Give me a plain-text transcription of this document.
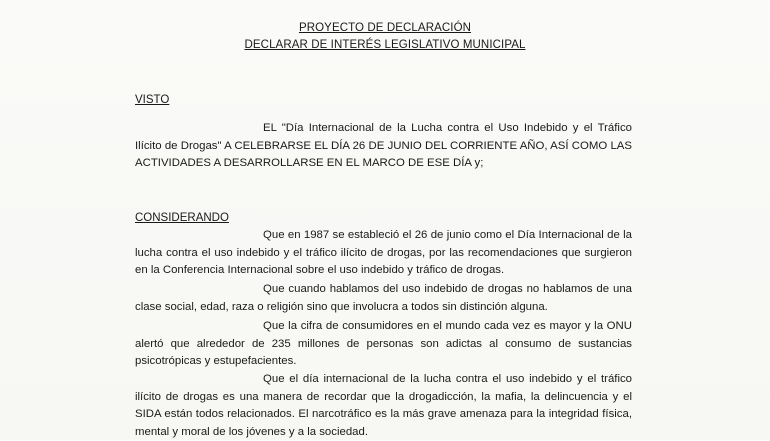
PROYECTO DE DECLARACIÓN
DECLARAR DE INTERÉS LEGISLATIVO MUNICIPAL
VISTO

EL "Día Internacional de la Lucha contra el Uso Indebido y el Tráfico Ilícito de Drogas" A CELEBRARSE EL DÍA 26 DE JUNIO DEL CORRIENTE AÑO, ASÍ COMO LAS ACTIVIDADES A DESARROLLARSE EN EL MARCO DE ESE DÍA y;

CONSIDERANDO

Que en 1987 se estableció el 26 de junio como el Día Internacional de la lucha contra el uso indebido y el tráfico ilícito de drogas, por las recomendaciones que surgieron en la Conferencia Internacional sobre el uso indebido y tráfico de drogas.

Que cuando hablamos del uso indebido de drogas no hablamos de una clase social, edad, raza o religión sino que involucra a todos sin distinción alguna.

Que la cifra de consumidores en el mundo cada vez es mayor y la ONU alertó que alrededor de 235 millones de personas son adictas al consumo de sustancias psicotrópicas y estupefacientes.

Que el día internacional de la lucha contra el uso indebido y el tráfico ilícito de drogas es una manera de recordar que la drogadicción, la mafia, la delincuencia y el SIDA están todos relacionados. El narcotráfico es la más grave amenaza para la integridad física, mental y moral de los jóvenes y a la sociedad.
